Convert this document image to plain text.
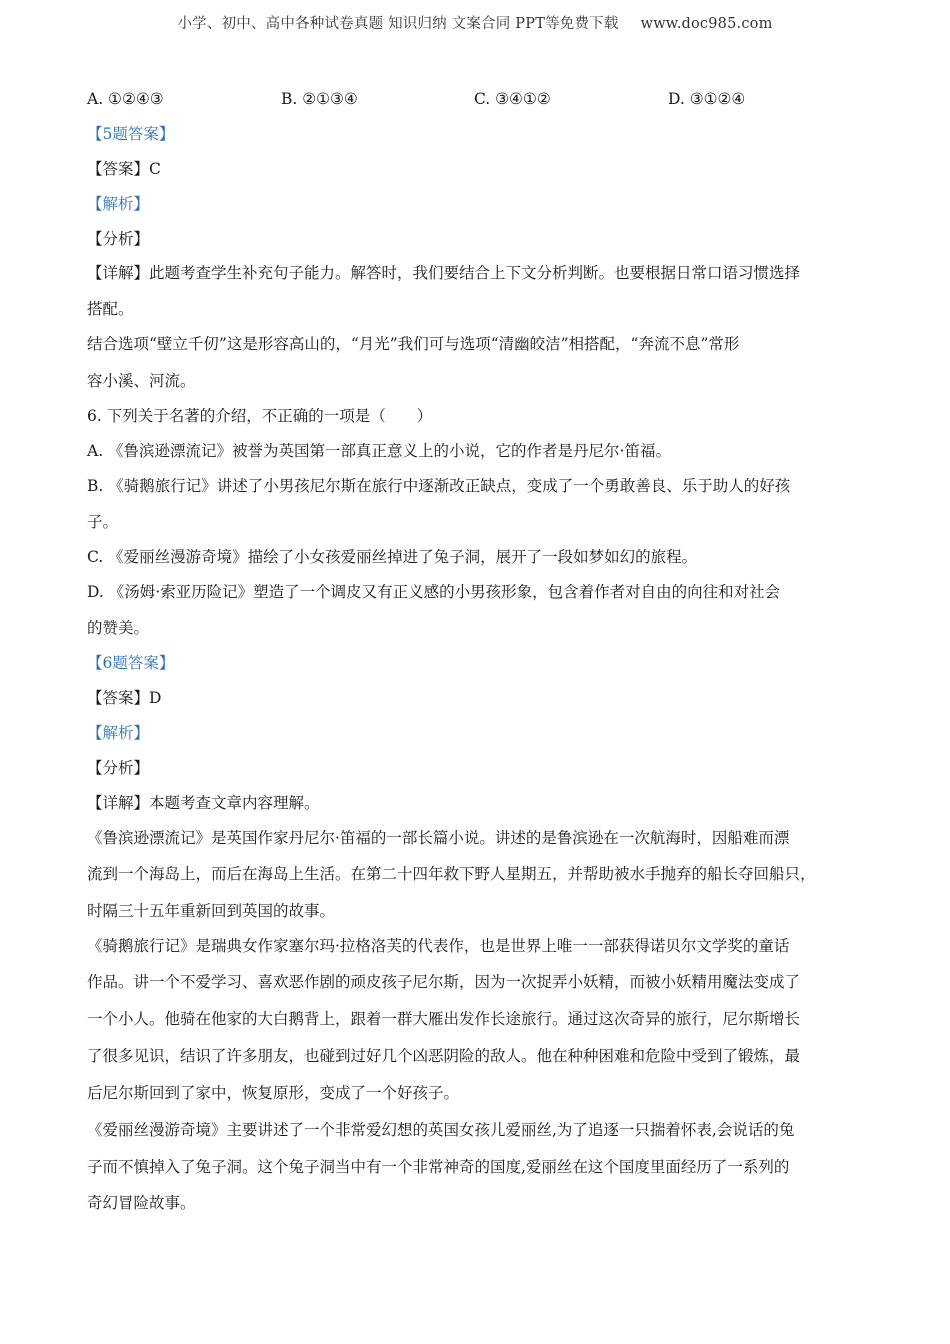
小学、初中、高中各种试卷真题 知识归纳 文案合同 PPT等免费下载 www.doc985.com
A. ①②④③	B. ②①③④	C. ③④①②	D. ③①②④
【5题答案】
【答案】C
【解析】
【分析】
【详解】此题考查学生补充句子能力。解答时，我们要结合上下文分析判断。也要根据日常口语习惯选择
搭配。
结合选项“壁立千仞”这是形容高山的，“月光”我们可与选项“清幽皎洁”相搭配，“奔流不息”常形
容小溪、河流。
6. 下列关于名著的介绍，不正确的一项是（　　）
A. 《鲁滨逊漂流记》被誉为英国第一部真正意义上的小说，它的作者是丹尼尔·笛福。
B. 《骑鹅旅行记》讲述了小男孩尼尔斯在旅行中逐渐改正缺点，变成了一个勇敢善良、乐于助人的好孩
子。
C. 《爱丽丝漫游奇境》描绘了小女孩爱丽丝掉进了兔子洞，展开了一段如梦如幻的旅程。
D. 《汤姆·索亚历险记》塑造了一个调皮又有正义感的小男孩形象，包含着作者对自由的向往和对社会
的赞美。
【6题答案】
【答案】D
【解析】
【分析】
【详解】本题考查文章内容理解。
《鲁滨逊漂流记》是英国作家丹尼尔·笛福的一部长篇小说。讲述的是鲁滨逊在一次航海时，因船难而漂
流到一个海岛上，而后在海岛上生活。在第二十四年救下野人星期五，并帮助被水手抛弃的船长夺回船只，
时隔三十五年重新回到英国的故事。
《骑鹅旅行记》是瑞典女作家塞尔玛·拉格洛芙的代表作，也是世界上唯一一部获得诺贝尔文学奖的童话
作品。讲一个不爱学习、喜欢恶作剧的顽皮孩子尼尔斯，因为一次捉弄小妖精，而被小妖精用魔法变成了
一个小人。他骑在他家的大白鹅背上，跟着一群大雁出发作长途旅行。通过这次奇异的旅行，尼尔斯增长
了很多见识，结识了许多朋友，也碰到过好几个凶恶阴险的敌人。他在种种困难和危险中受到了锻炼，最
后尼尔斯回到了家中，恢复原形，变成了一个好孩子。
《爱丽丝漫游奇境》主要讲述了一个非常爱幻想的英国女孩儿爱丽丝,为了追逐一只揣着怀表,会说话的兔
子而不慎掉入了兔子洞。这个兔子洞当中有一个非常神奇的国度,爱丽丝在这个国度里面经历了一系列的
奇幻冒险故事。
